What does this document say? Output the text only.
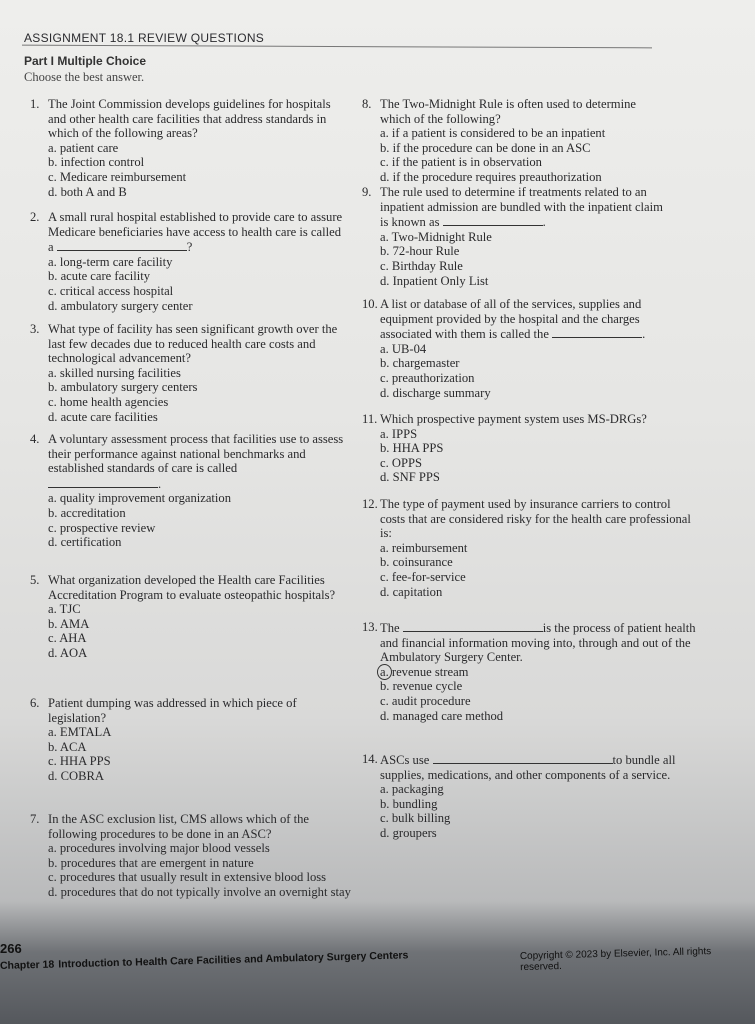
ASSIGNMENT 18.1 REVIEW QUESTIONS
Part I Multiple Choice
Choose the best answer.
1. The Joint Commission develops guidelines for hospitals and other health care facilities that address standards in which of the following areas?
a. patient care
b. infection control
c. Medicare reimbursement
d. both A and B
2. A small rural hospital established to provide care to assure Medicare beneficiaries have access to health care is called a	?
a. long-term care facility
b. acute care facility
c. critical access hospital
d. ambulatory surgery center
3. What type of facility has seen significant growth over the last few decades due to reduced health care costs and technological advancement?
a. skilled nursing facilities
b. ambulatory surgery centers
c. home health agencies
d. acute care facilities
4. A voluntary assessment process that facilities use to assess their performance against national benchmarks and established standards of care is called .
a. quality improvement organization
b. accreditation
c. prospective review
d. certification
5. What organization developed the Health care Facilities Accreditation Program to evaluate osteopathic hospitals?
a. TJC
b. AMA
c. AHA
d. AOA
6. Patient dumping was addressed in which piece of legislation?
a. EMTALA
b. ACA
c. HHA PPS
d. COBRA
7. In the ASC exclusion list, CMS allows which of the following procedures to be done in an ASC?
a. procedures involving major blood vessels
b. procedures that are emergent in nature
c. procedures that usually result in extensive blood loss
d. procedures that do not typically involve an overnight stay
8. The Two-Midnight Rule is often used to determine which of the following?
a. if a patient is considered to be an inpatient
b. if the procedure can be done in an ASC
c. if the patient is in observation
d. if the procedure requires preauthorization
9. The rule used to determine if treatments related to an inpatient admission are bundled with the inpatient claim is known as	.
a. Two-Midnight Rule
b. 72-hour Rule
c. Birthday Rule
d. Inpatient Only List
10. A list or database of all of the services, supplies and equipment provided by the hospital and the charges associated with them is called the	.
a. UB-04
b. chargemaster
c. preauthorization
d. discharge summary
11. Which prospective payment system uses MS-DRGs?
a. IPPS
b. HHA PPS
c. OPPS
d. SNF PPS
12. The type of payment used by insurance carriers to control costs that are considered risky for the health care professional is:
a. reimbursement
b. coinsurance
c. fee-for-service
d. capitation
13. The	is the process of patient health and financial information moving into, through and out of the Ambulatory Surgery Center.
a. revenue stream
b. revenue cycle
c. audit procedure
d. managed care method
14. ASCs use	to bundle all supplies, medications, and other components of a service.
a. packaging
b. bundling
c. bulk billing
d. groupers
266
Chapter 18 Introduction to Health Care Facilities and Ambulatory Surgery Centers	Copyright © 2023 by Elsevier, Inc. All rights reserved.
